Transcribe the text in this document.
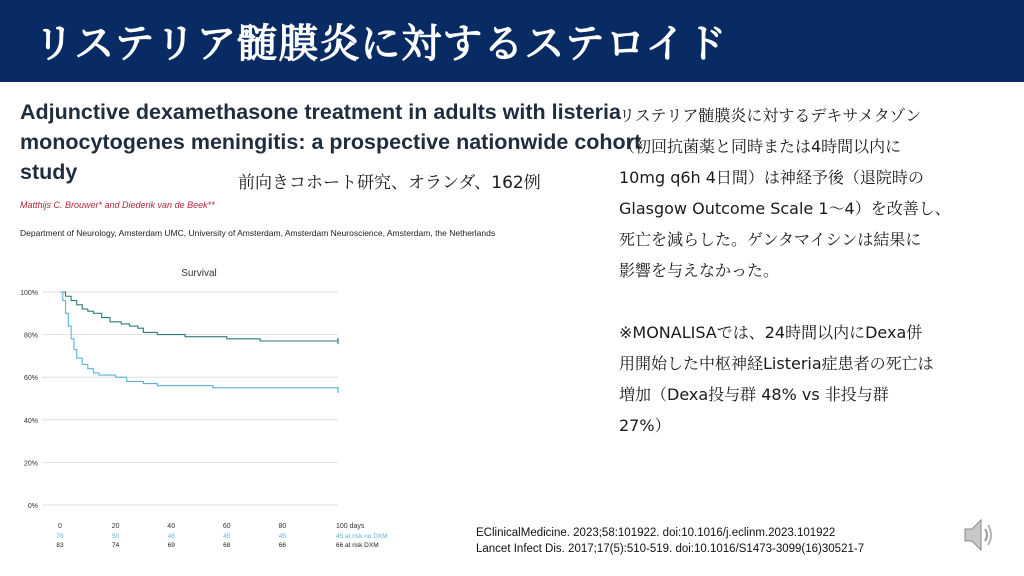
リステリア髄膜炎に対するステロイド
Adjunctive dexamethasone treatment in adults with listeria
monocytogenes meningitis: a prospective nationwide cohort
study	前向きコホート研究、オランダ、162例
Matthijs C. Brouwer* and Diederik van de Beek**
Department of Neurology, Amsterdam UMC, University of Amsterdam, Amsterdam Neuroscience, Amsterdam, the Netherlands
Survival
0%
20%
40%
60%
80%
100%
0	20	40	60	80	100 days
78	50	46	45	45	45 at risk no DXM
83	74	69	68	66	66 at risk DXM
リステリア髄膜炎に対するデキサメタゾン
（初回抗菌薬と同時または4時間以内に
10mg q6h 4日間）は神経予後（退院時の
Glasgow Outcome Scale 1～4）を改善し、
死亡を減らした。ゲンタマイシンは結果に
影響を与えなかった。
※MONALISAでは、24時間以内にDexa併
用開始した中枢神経Listeria症患者の死亡は
増加（Dexa投与群 48% vs 非投与群
27%）
EClinicalMedicine. 2023;58:101922. doi:10.1016/j.eclinm.2023.101922
Lancet Infect Dis. 2017;17(5):510-519. doi:10.1016/S1473-3099(16)30521-7
